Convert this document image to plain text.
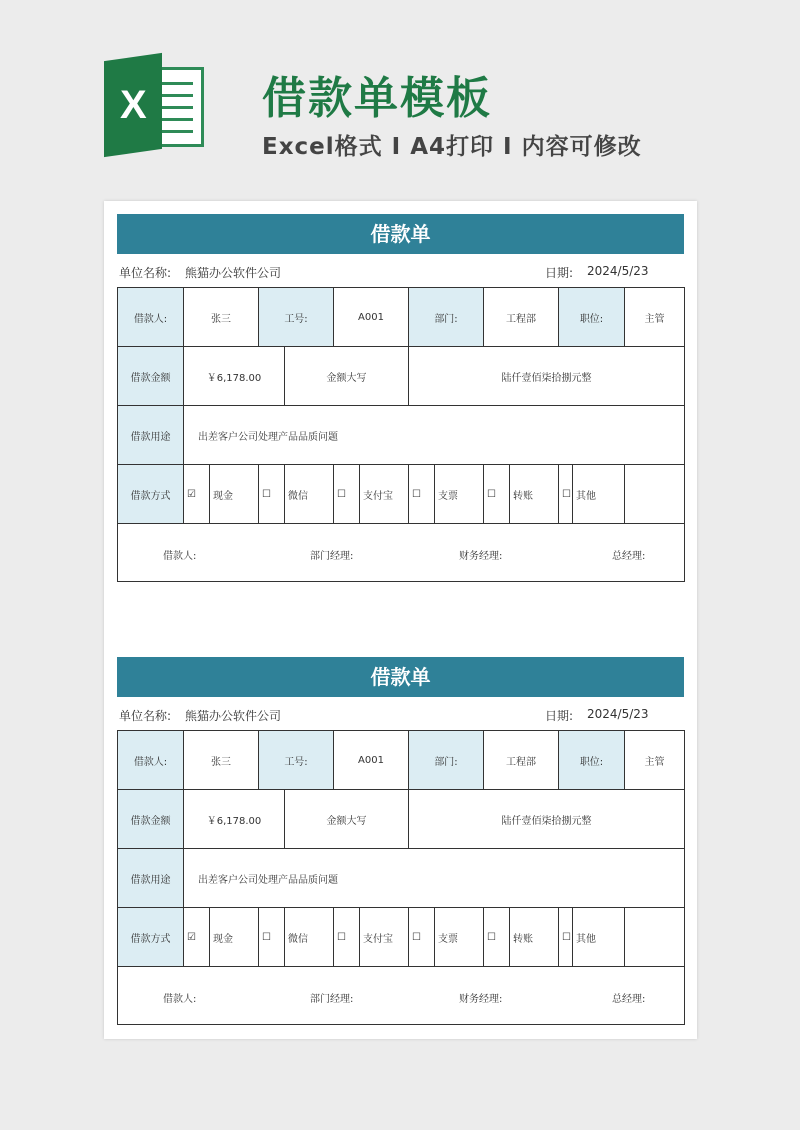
X	借款单模板
Excel格式 I A4打印 I 内容可修改
借款单
单位名称: 熊猫办公软件公司	日期: 2024/5/23
借款人:	张三		工号:		A001		部门:		工程部		职位:		主管
借款金额	￥6,178.00			金额大写			陆仟壹佰柒拾捌元整						
借款用途	出差客户公司处理产品品质问题												
借款方式	☑	现金	☐	微信	☐	支付宝	☐	支票	☐	转账	☐	其他	

借款人: 部门经理: 财务经理: 总经理:													
借款单
单位名称: 熊猫办公软件公司	日期: 2024/5/23
借款人:	张三		工号:		A001		部门:		工程部		职位:		主管
借款金额	￥6,178.00			金额大写			陆仟壹佰柒拾捌元整						
借款用途	出差客户公司处理产品品质问题												
借款方式	☑	现金	☐	微信	☐	支付宝	☐	支票	☐	转账	☐	其他	

借款人: 部门经理: 财务经理: 总经理:													
